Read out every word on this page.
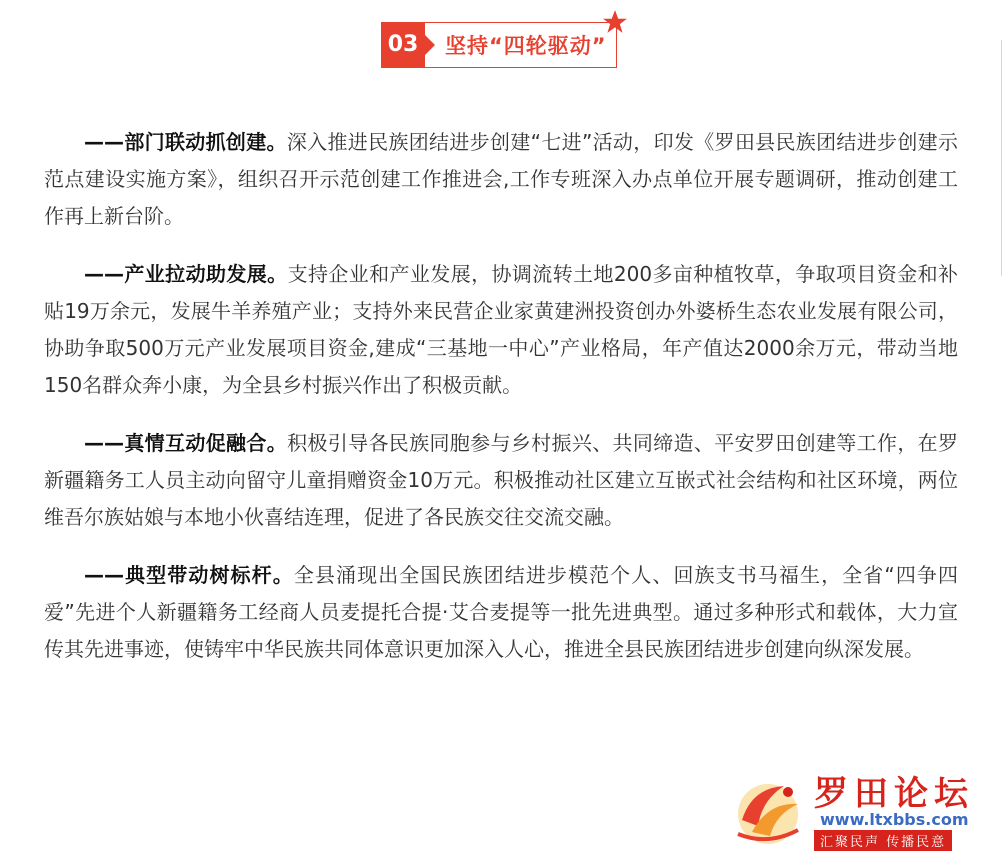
03	坚持“四轮驱动”

——部门联动抓创建。深入推进民族团结进步创建“七进”活动，印发《罗田县民族团结进步创建示范点建设实施方案》，组织召开示范创建工作推进会,工作专班深入办点单位开展专题调研，推动创建工作再上新台阶。

——产业拉动助发展。支持企业和产业发展，协调流转土地200多亩种植牧草，争取项目资金和补贴19万余元，发展牛羊养殖产业；支持外来民营企业家黄建洲投资创办外婆桥生态农业发展有限公司，协助争取500万元产业发展项目资金,建成“三基地一中心”产业格局，年产值达2000余万元，带动当地150名群众奔小康，为全县乡村振兴作出了积极贡献。

——真情互动促融合。积极引导各民族同胞参与乡村振兴、共同缔造、平安罗田创建等工作，在罗新疆籍务工人员主动向留守儿童捐赠资金10万元。积极推动社区建立互嵌式社会结构和社区环境，两位维吾尔族姑娘与本地小伙喜结连理，促进了各民族交往交流交融。

——典型带动树标杆。全县涌现出全国民族团结进步模范个人、回族支书马福生，全省“四争四爱”先进个人新疆籍务工经商人员麦提托合提·艾合麦提等一批先进典型。通过多种形式和载体，大力宣传其先进事迹，使铸牢中华民族共同体意识更加深入人心，推进全县民族团结进步创建向纵深发展。

罗田论坛
www.ltxbbs.com
汇聚民声 传播民意
